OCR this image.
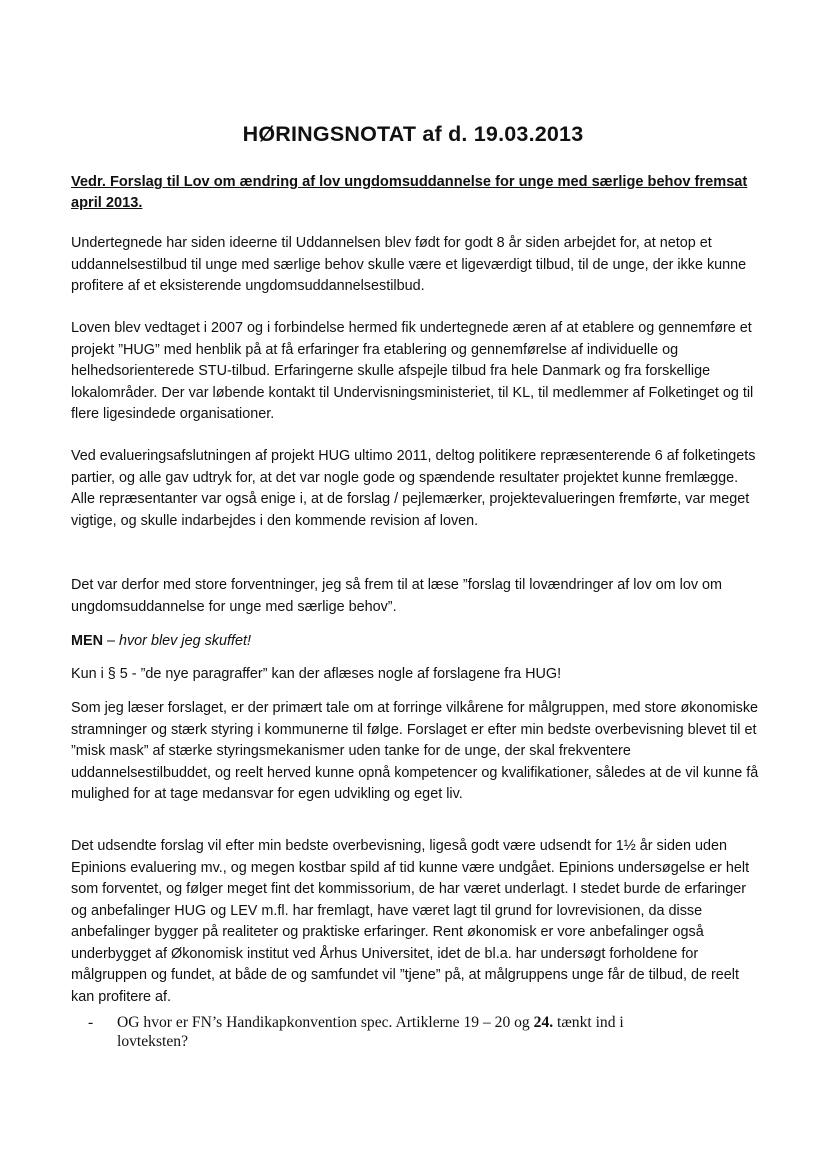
HØRINGSNOTAT af d. 19.03.2013
Vedr. Forslag til Lov om ændring af lov ungdomsuddannelse for unge med særlige behov fremsat april 2013.

Undertegnede har siden ideerne til Uddannelsen blev født for godt 8 år siden arbejdet for, at netop et uddannelsestilbud til unge med særlige behov skulle være et ligeværdigt tilbud, til de unge, der ikke kunne profitere af et eksisterende ungdomsuddannelsestilbud.

Loven blev vedtaget i 2007 og i forbindelse hermed fik undertegnede æren af at etablere og gennemføre et projekt ”HUG” med henblik på at få erfaringer fra etablering og gennemførelse af individuelle og helhedsorienterede STU-tilbud. Erfaringerne skulle afspejle tilbud fra hele Danmark og fra forskellige lokalområder. Der var løbende kontakt til Undervisningsministeriet, til KL, til medlemmer af Folketinget og til flere ligesindede organisationer.

Ved evalueringsafslutningen af projekt HUG ultimo 2011, deltog politikere repræsenterende 6 af folketingets partier, og alle gav udtryk for, at det var nogle gode og spændende resultater projektet kunne fremlægge. Alle repræsentanter var også enige i, at de forslag / pejlemærker, projektevalueringen fremførte, var meget vigtige, og skulle indarbejdes i den kommende revision af loven.

Det var derfor med store forventninger, jeg så frem til at læse ”forslag til lovændringer af lov om lov om ungdomsuddannelse for unge med særlige behov”.

MEN – hvor blev jeg skuffet!

Kun i § 5 - ”de nye paragraffer” kan der aflæses nogle af forslagene fra HUG!

Som jeg læser forslaget, er der primært tale om at forringe vilkårene for målgruppen, med store økonomiske stramninger og stærk styring i kommunerne til følge. Forslaget er efter min bedste overbevisning blevet til et ”misk mask” af stærke styringsmekanismer uden tanke for de unge, der skal frekventere uddannelsestilbuddet, og reelt herved kunne opnå kompetencer og kvalifikationer, således at de vil kunne få mulighed for at tage medansvar for egen udvikling og eget liv.

Det udsendte forslag vil efter min bedste overbevisning, ligeså godt være udsendt for 1½ år siden uden Epinions evaluering mv., og megen kostbar spild af tid kunne være undgået. Epinions undersøgelse er helt som forventet, og følger meget fint det kommissorium, de har været underlagt. I stedet burde de erfaringer og anbefalinger HUG og LEV m.fl. har fremlagt, have været lagt til grund for lovrevisionen, da disse anbefalinger bygger på realiteter og praktiske erfaringer. Rent økonomisk er vore anbefalinger også underbygget af Økonomisk institut ved Århus Universitet, idet de bl.a. har undersøgt forholdene for målgruppen og fundet, at både de og samfundet vil ”tjene” på, at målgruppens unge får de tilbud, de reelt kan profitere af.

- OG hvor er FN’s Handikapkonvention spec. Artiklerne 19 – 20 og 24. tænkt ind i lovteksten?
